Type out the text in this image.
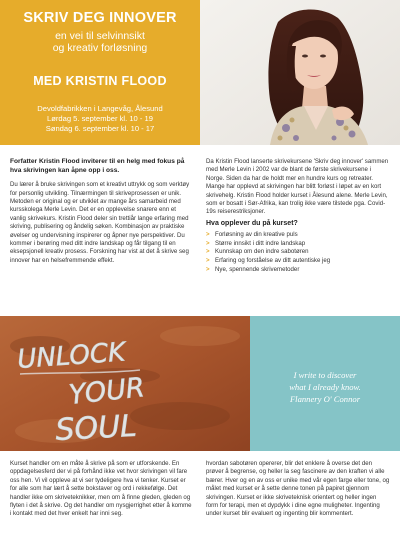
SKRIV DEG INNOVER
en vei til selvinnsikt
og kreativ forløsning
MED KRISTIN FLOOD
Devoldfabrikken i Langevåg, Ålesund
Lørdag 5. september kl. 10 - 19
Søndag 6. september kl. 10 - 17

Forfatter Kristin Flood inviterer til en helg med fokus på hva skrivingen kan åpne opp i oss.

Du lærer å bruke skrivingen som et kreativt uttrykk og som verktøy for personlig utvikling. Tilnærmingen til skriveprosessen er unik. Metoden er original og er utviklet av mange års samarbeid med kursskolega Merle Levin. Det er en opplevelse snarere enn et vanlig skrivekurs. Kristin Flood deler sin trettiår lange erfaring med skriving, publisering og åndelig søken. Kombinasjon av praktiske øvelser og undervisning inspirerer og åpner nye perspektiver. Du kommer i berøring med ditt indre landskap og får tilgang til en eksepsjonell kreativ prosess. Forskning har vist at det å skrive seg innover har en helsefremmende effekt.

Da Kristin Flood lanserte skrivekursene 'Skriv deg innover' sammen med Merle Levin i 2002 var de blant de første skrivekursene i Norge. Siden da har de holdt mer en hundre kurs og retreater. Mange har opplevd at skrivingen har blitt forløst i løpet av en kort skrivehelg. Kristin Flood holder kurset i Ålesund alene. Merle Levin, som er bosatt i Sør-Afrika, kan trolig ikke være tilstede pga. Covid-19s reiserestriksjoner.

Hva opplever du på kurset?
> Forløsning av din kreative puls
> Større innsikt i ditt indre landskap
> Kunnskap om den indre sabotøren
> Erfaring og forståelse av ditt autentiske jeg
> Nye, spennende skrivemetoder
UNLOCK
YOUR
SOUL
I write to discover
what I already know.
Flannery O' Connor

Kurset handler om en måte å skrive på som er utforskende. En oppdagelsesferd der vi på forhånd ikke vet hvor skrivingen vil fare oss hen. Vi vil oppleve at vi ser tydeligere hva vi tenker. Kurset er for alle som har lært å sette bokstaver og ord i rekkefølge. Det handler ikke om skriveteknikker, men om å finne gleden, gleden og flyten i det å skrive. Og det handler om nysgjerrighet etter å komme i kontakt med det hver enkelt har inni seg.

hvordan sabotøren opererer, blir det enklere å overse det den prøver å begrense, og heller la seg fascinere av den kraften vi alle bærer. Hver og en av oss er unike med vår egen farge eller tone, og målet med kurset er å sette denne tonen på papiret gjennom skrivingen. Kurset er ikke skriveteknisk orientert og heller ingen form for terapi, men et dypdykk i dine egne muligheter. Ingenting under kurset blir evaluert og ingenting blir kommentert.
